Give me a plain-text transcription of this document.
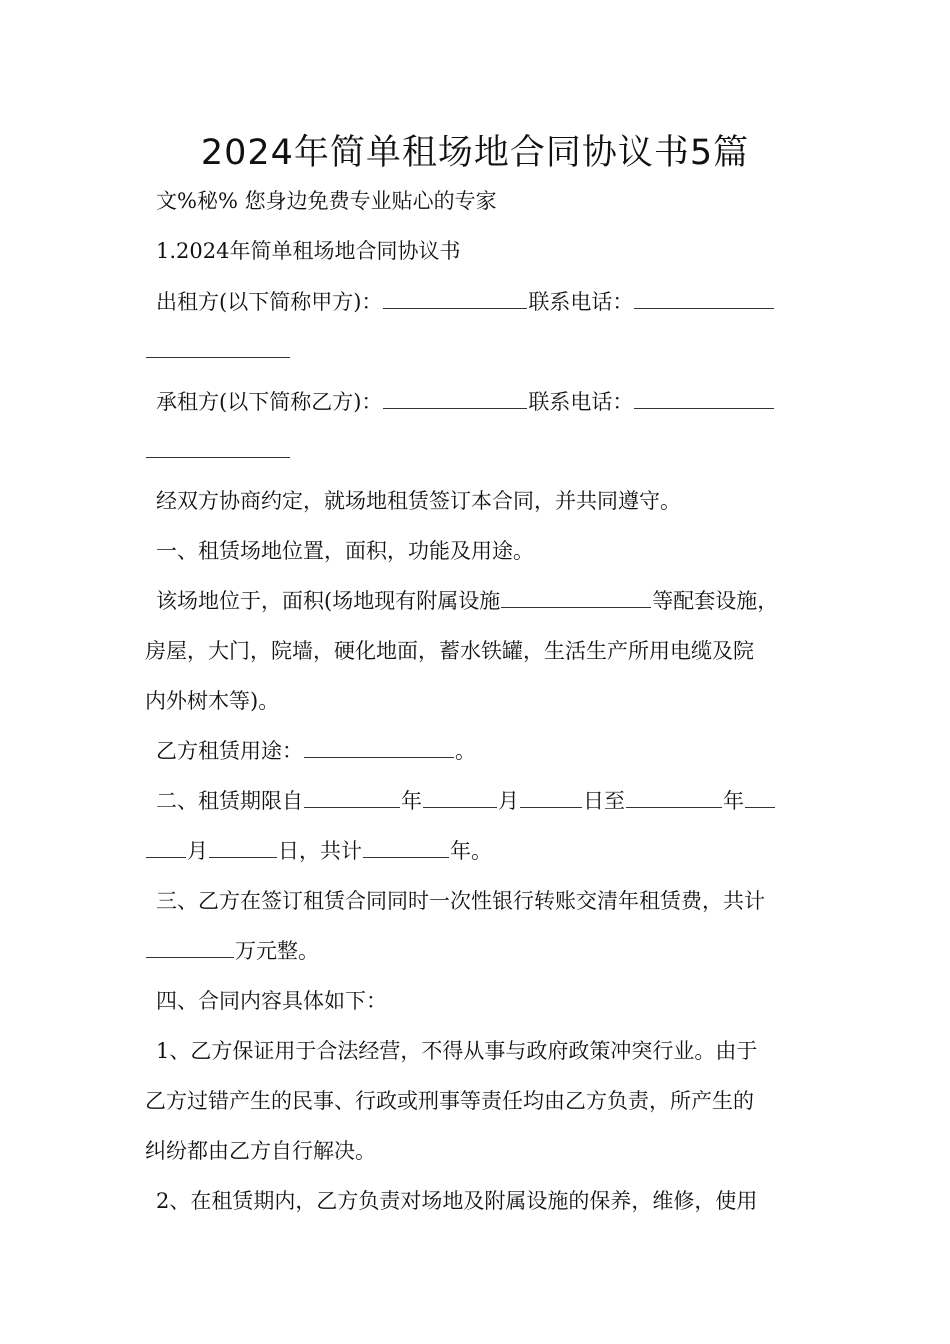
2024年简单租场地合同协议书5篇
文%秘% 您身边免费专业贴心的专家
1.2024年简单租场地合同协议书
出租方(以下简称甲方)：	联系电话：
承租方(以下简称乙方)：	联系电话：
经双方协商约定，就场地租赁签订本合同，并共同遵守。
一、租赁场地位置，面积，功能及用途。
该场地位于，面积(场地现有附属设施	等配套设施，
房屋，大门，院墙，硬化地面，蓄水铁罐，生活生产所用电缆及院
内外树木等)。
乙方租赁用途：	。
二、租赁期限自	年	月	日至	年
月	日，共计	年。
三、乙方在签订租赁合同同时一次性银行转账交清年租赁费，共计
万元整。
四、合同内容具体如下：
1、乙方保证用于合法经营，不得从事与政府政策冲突行业。由于
乙方过错产生的民事、行政或刑事等责任均由乙方负责，所产生的
纠纷都由乙方自行解决。
2、在租赁期内，乙方负责对场地及附属设施的保养，维修，使用
